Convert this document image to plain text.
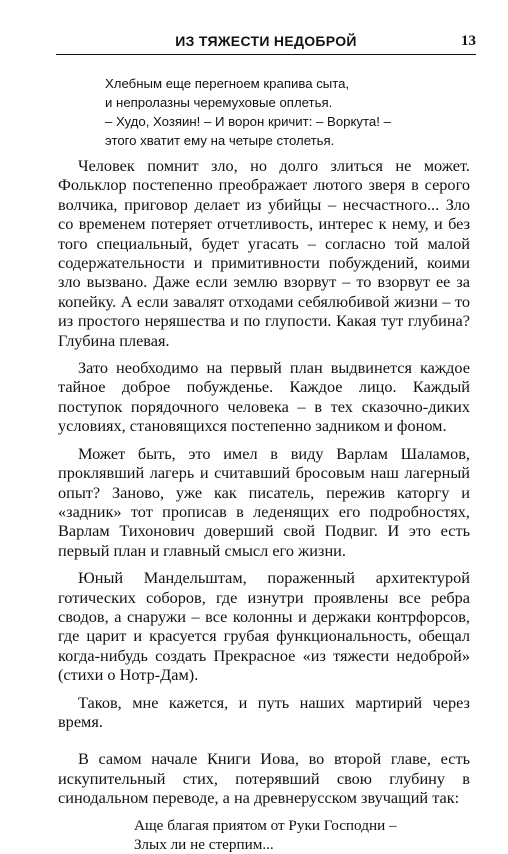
ИЗ ТЯЖЕСТИ НЕДОБРОЙ	13
Хлебным еще перегноем крапива сыта,
и непролазны черемуховые оплетья.
– Худо, Хозяин! – И ворон кричит: – Воркута! –
этого хватит ему на четыре столетья.

Человек помнит зло, но долго злиться не может. Фольклор постепенно преображает лютого зверя в серого волчика, приговор делает из убийцы – несчастного... Зло со временем потеряет отчетливость, интерес к нему, и без того специальный, будет угасать – согласно той малой содержательности и примитивности побуждений, коими зло вызвано. Даже если землю взорвут – то взорвут ее за копейку. А если завалят отходами себялюбивой жизни – то из простого неряшества и по глупости. Какая тут глубина? Глубина плевая.

Зато необходимо на первый план выдвинется каждое тайное доброе побужденье. Каждое лицо. Каждый поступок порядочного человека – в тех сказочно-диких условиях, становящихся постепенно задником и фоном.

Может быть, это имел в виду Варлам Шаламов, проклявший лагерь и считавший бросовым наш лагерный опыт? Заново, уже как писатель, пережив каторгу и «задник» тот прописав в леденящих его подробностях, Варлам Тихонович доверший свой Подвиг. И это есть первый план и главный смысл его жизни.

Юный Мандельштам, пораженный архитектурой готических соборов, где изнутри проявлены все ребра сводов, а снаружи – все колонны и держаки контрфорсов, где царит и красуется грубая функциональность, обещал когда-нибудь создать Прекрасное «из тяжести недоброй» (стихи о Нотр-Дам).

Таков, мне кажется, и путь наших мартирий через время.

В самом начале Книги Иова, во второй главе, есть искупительный стих, потерявший свою глубину в синодальном переводе, а на древнерусском звучащий так:

Аще благая приятом от Руки Господни –
Злых ли не стерпим...
